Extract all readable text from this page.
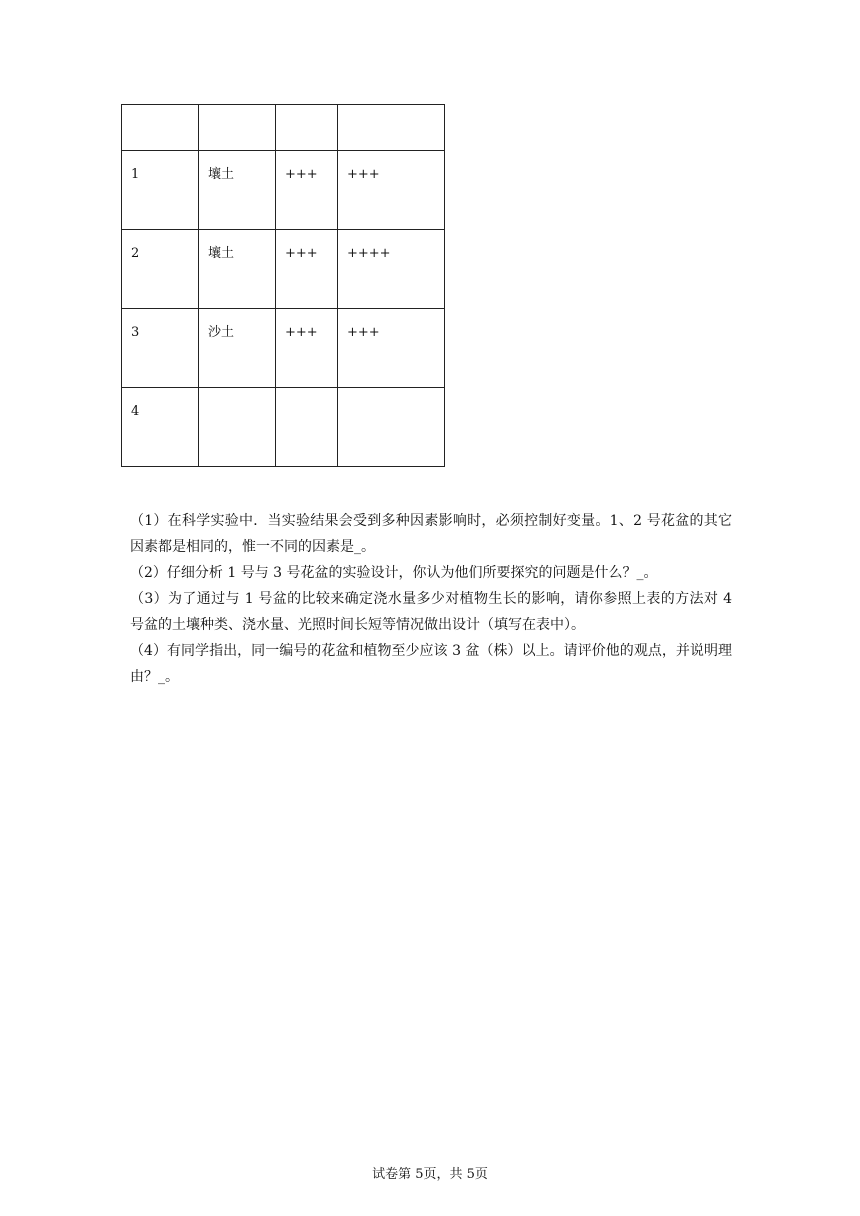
1	壤土	+++	+++

2	壤土	+++	++++

3	沙土	+++	+++

4			

（1）在科学实验中．当实验结果会受到多种因素影响时，必须控制好变量。1、2 号花盆的其它因素都是相同的，惟一不同的因素是_。

（2）仔细分析 1 号与 3 号花盆的实验设计，你认为他们所要探究的问题是什么？_。

（3）为了通过与 1 号盆的比较来确定浇水量多少对植物生长的影响，请你参照上表的方法对 4 号盆的土壤种类、浇水量、光照时间长短等情况做出设计（填写在表中）。

（4）有同学指出，同一编号的花盆和植物至少应该 3 盆（株）以上。请评价他的观点，并说明理由？_。

试卷第 5页，共 5页
